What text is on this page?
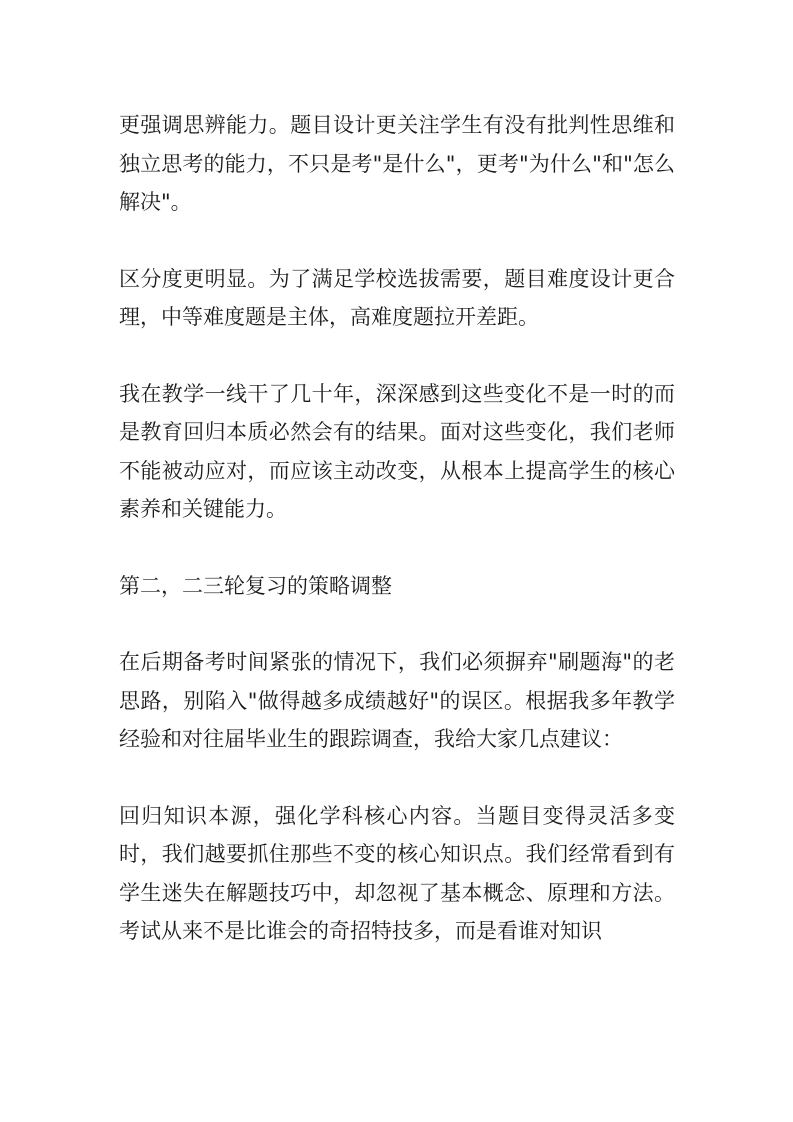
更强调思辨能力。题目设计更关注学生有没有批判性思维和独立思考的能力，不只是考"是什么"，更考"为什么"和"怎么解决"。

区分度更明显。为了满足学校选拔需要，题目难度设计更合理，中等难度题是主体，高难度题拉开差距。

我在教学一线干了几十年，深深感到这些变化不是一时的而是教育回归本质必然会有的结果。面对这些变化，我们老师不能被动应对，而应该主动改变，从根本上提高学生的核心素养和关键能力。

第二，二三轮复习的策略调整

在后期备考时间紧张的情况下，我们必须摒弃"刷题海"的老思路，别陷入"做得越多成绩越好"的误区。根据我多年教学经验和对往届毕业生的跟踪调查，我给大家几点建议：

回归知识本源，强化学科核心内容。当题目变得灵活多变时，我们越要抓住那些不变的核心知识点。我们经常看到有学生迷失在解题技巧中，却忽视了基本概念、原理和方法。考试从来不是比谁会的奇招特技多，而是看谁对知识
